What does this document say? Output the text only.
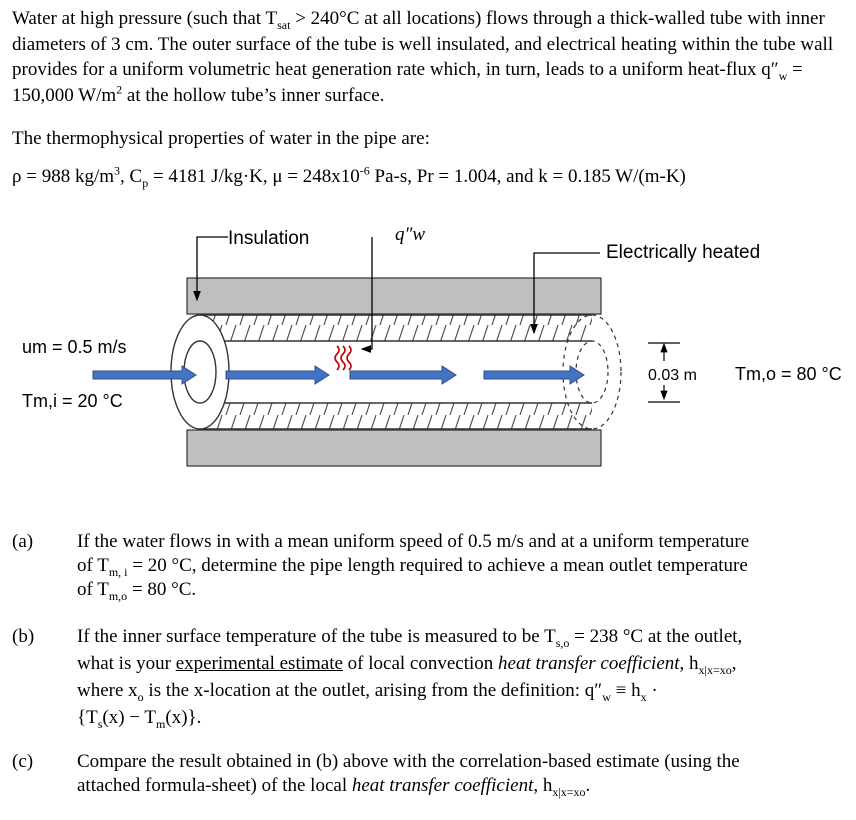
Water at high pressure (such that $T_{sat} > 240^\circ C$ at all locations) flows through a thick-walled tube with inner diameters of 3 cm. The outer surface of the tube is well insulated, and electrical heating within the tube wall provides for a uniform volumetric heat generation rate which, in turn, leads to a uniform heat-flux $q''_w = 150,000$ $W/m^2$ at the hollow tube’s inner surface.
The thermophysical properties of water in the pipe are:
ρ = 988 $kg/m^3$, $C_p = 4181$ J/kg·K, $\mu = 248x10^{-6}$ Pa-s, Pr = 1.004, and k = 0.185 W/(m-K)
Insulation	q″w
Electrically heated
um = 0.5 m/s
Tm,i = 20 °C
0.03 m Tm,o = 80 °C
(a) If the water flows in with a mean uniform speed of 0.5 m/s and at a uniform temperature
of $T_{m, i} = 20$ °C, determine the pipe length required to achieve a mean outlet temperature
of $T_{m,o} = 80$ °C.
(b) If the inner surface temperature of the tube is measured to be $T_{s,o} = 238$ °C at the outlet,
what is your experimental estimate of local convection heat transfer coefficient, $h_{x|x=xo}$,
where $x_o$ is the x-location at the outlet, arising from the definition: $q''_w \equiv h_x$ ·
$\{T_s(x) - T_m(x)\}$.
(c) Compare the result obtained in (b) above with the correlation-based estimate (using the
attached formula-sheet) of the local heat transfer coefficient, $h_{x|x=xo}$.
